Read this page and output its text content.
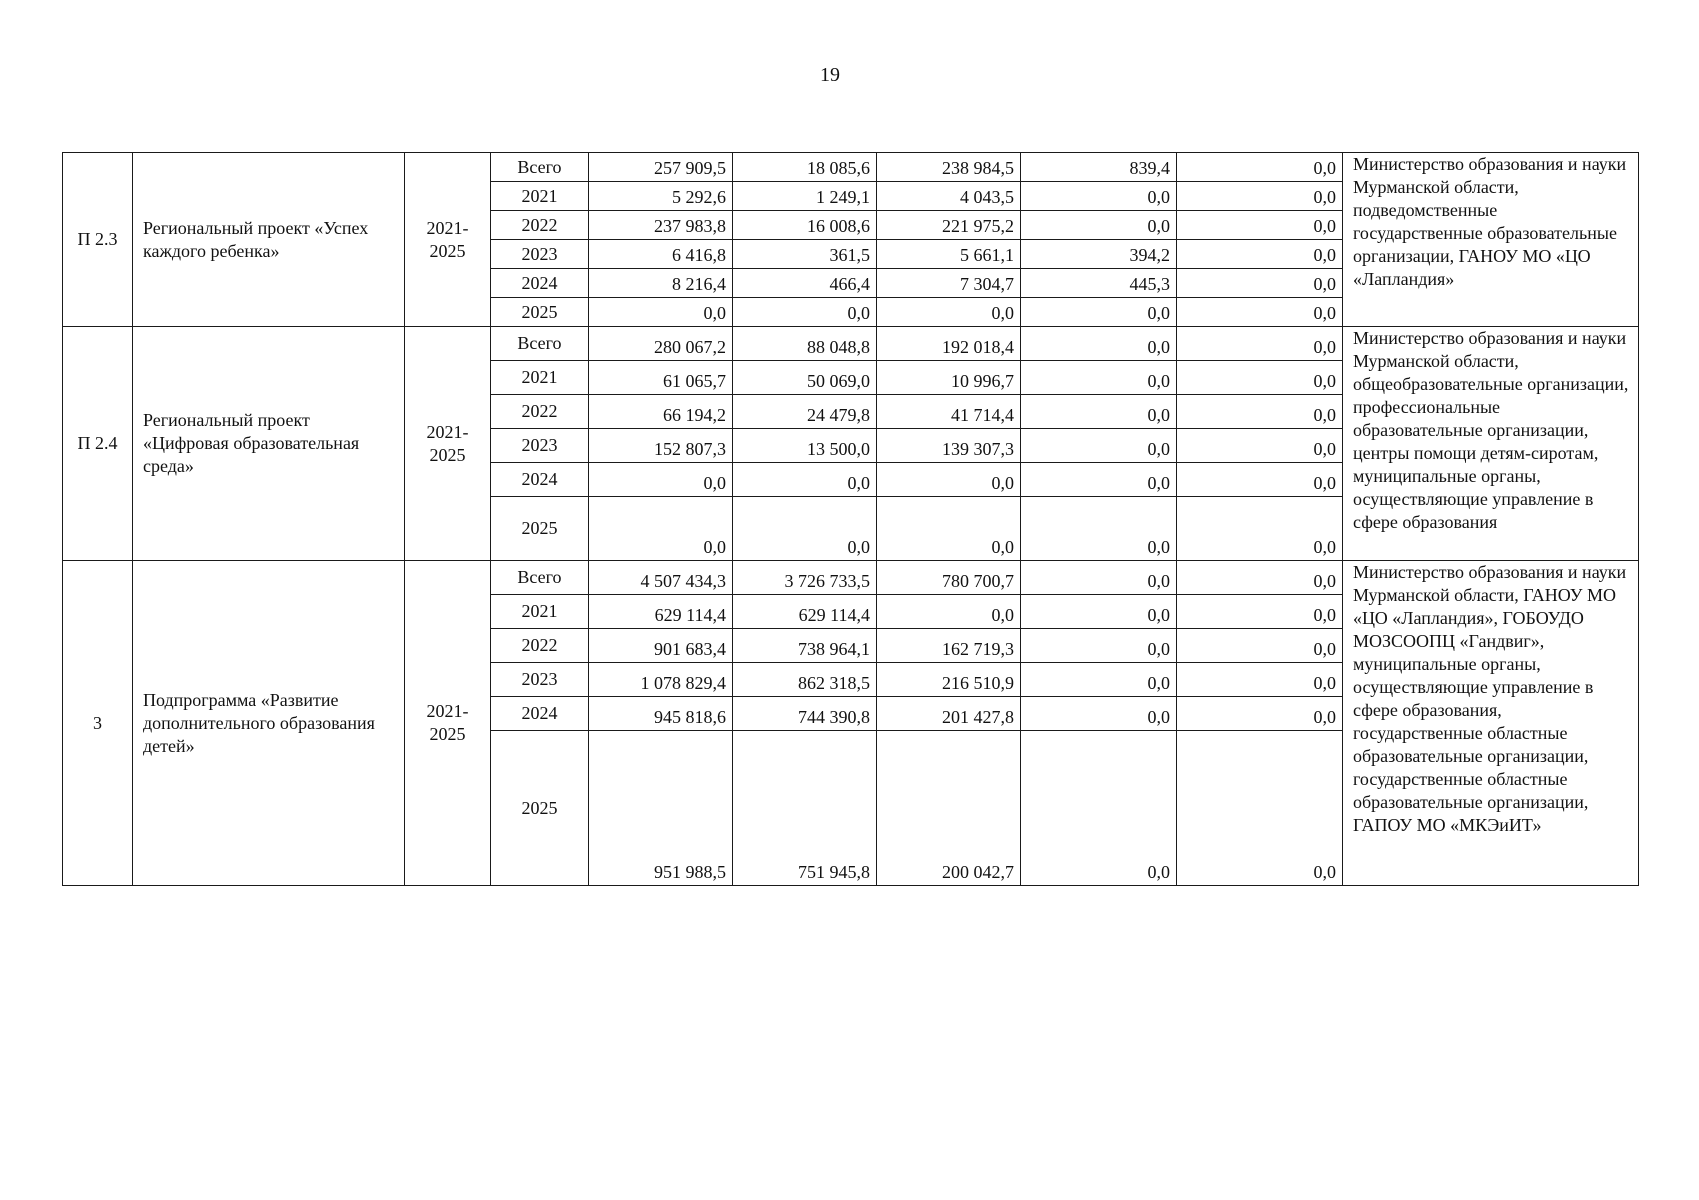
19
П 2.3	Региональный проект «Успех каждого ребенка»	2021-2025	Всего	257 909,5	18 085,6	238 984,5	839,4	0,0	Министерство образования и науки Мурманской области, подведомственные государственные образовательные организации, ГАНОУ МО «ЦО «Лапландия»
			2021	5 292,6	1 249,1	4 043,5	0,0	0,0	
			2022	237 983,8	16 008,6	221 975,2	0,0	0,0	
			2023	6 416,8	361,5	5 661,1	394,2	0,0	
			2024	8 216,4	466,4	7 304,7	445,3	0,0	
			2025	0,0	0,0	0,0	0,0	0,0	
П 2.4	Региональный проект «Цифровая образовательная среда»	2021-2025	Всего	280 067,2	88 048,8	192 018,4	0,0	0,0	Министерство образования и науки Мурманской области, общеобразовательные организации, профессиональные образовательные организации, центры помощи детям-сиротам, муниципальные органы, осуществляющие управление в сфере образования
			2021	61 065,7	50 069,0	10 996,7	0,0	0,0	
			2022	66 194,2	24 479,8	41 714,4	0,0	0,0	
			2023	152 807,3	13 500,0	139 307,3	0,0	0,0	
			2024	0,0	0,0	0,0	0,0	0,0	
			2025	0,0	0,0	0,0	0,0	0,0	
3	Подпрограмма «Развитие дополнительного образования детей»	2021-2025	Всего	4 507 434,3	3 726 733,5	780 700,7	0,0	0,0	Министерство образования и науки Мурманской области, ГАНОУ МО «ЦО «Лапландия», ГОБОУДО МОЗСООПЦ «Гандвиг», муниципальные органы, осуществляющие управление в сфере образования, государственные областные образовательные организации, государственные областные образовательные организации, ГАПОУ МО «МКЭиИТ»
			2021	629 114,4	629 114,4	0,0	0,0	0,0	
			2022	901 683,4	738 964,1	162 719,3	0,0	0,0	
			2023	1 078 829,4	862 318,5	216 510,9	0,0	0,0	
			2024	945 818,6	744 390,8	201 427,8	0,0	0,0	
			2025	951 988,5	751 945,8	200 042,7	0,0	0,0	
